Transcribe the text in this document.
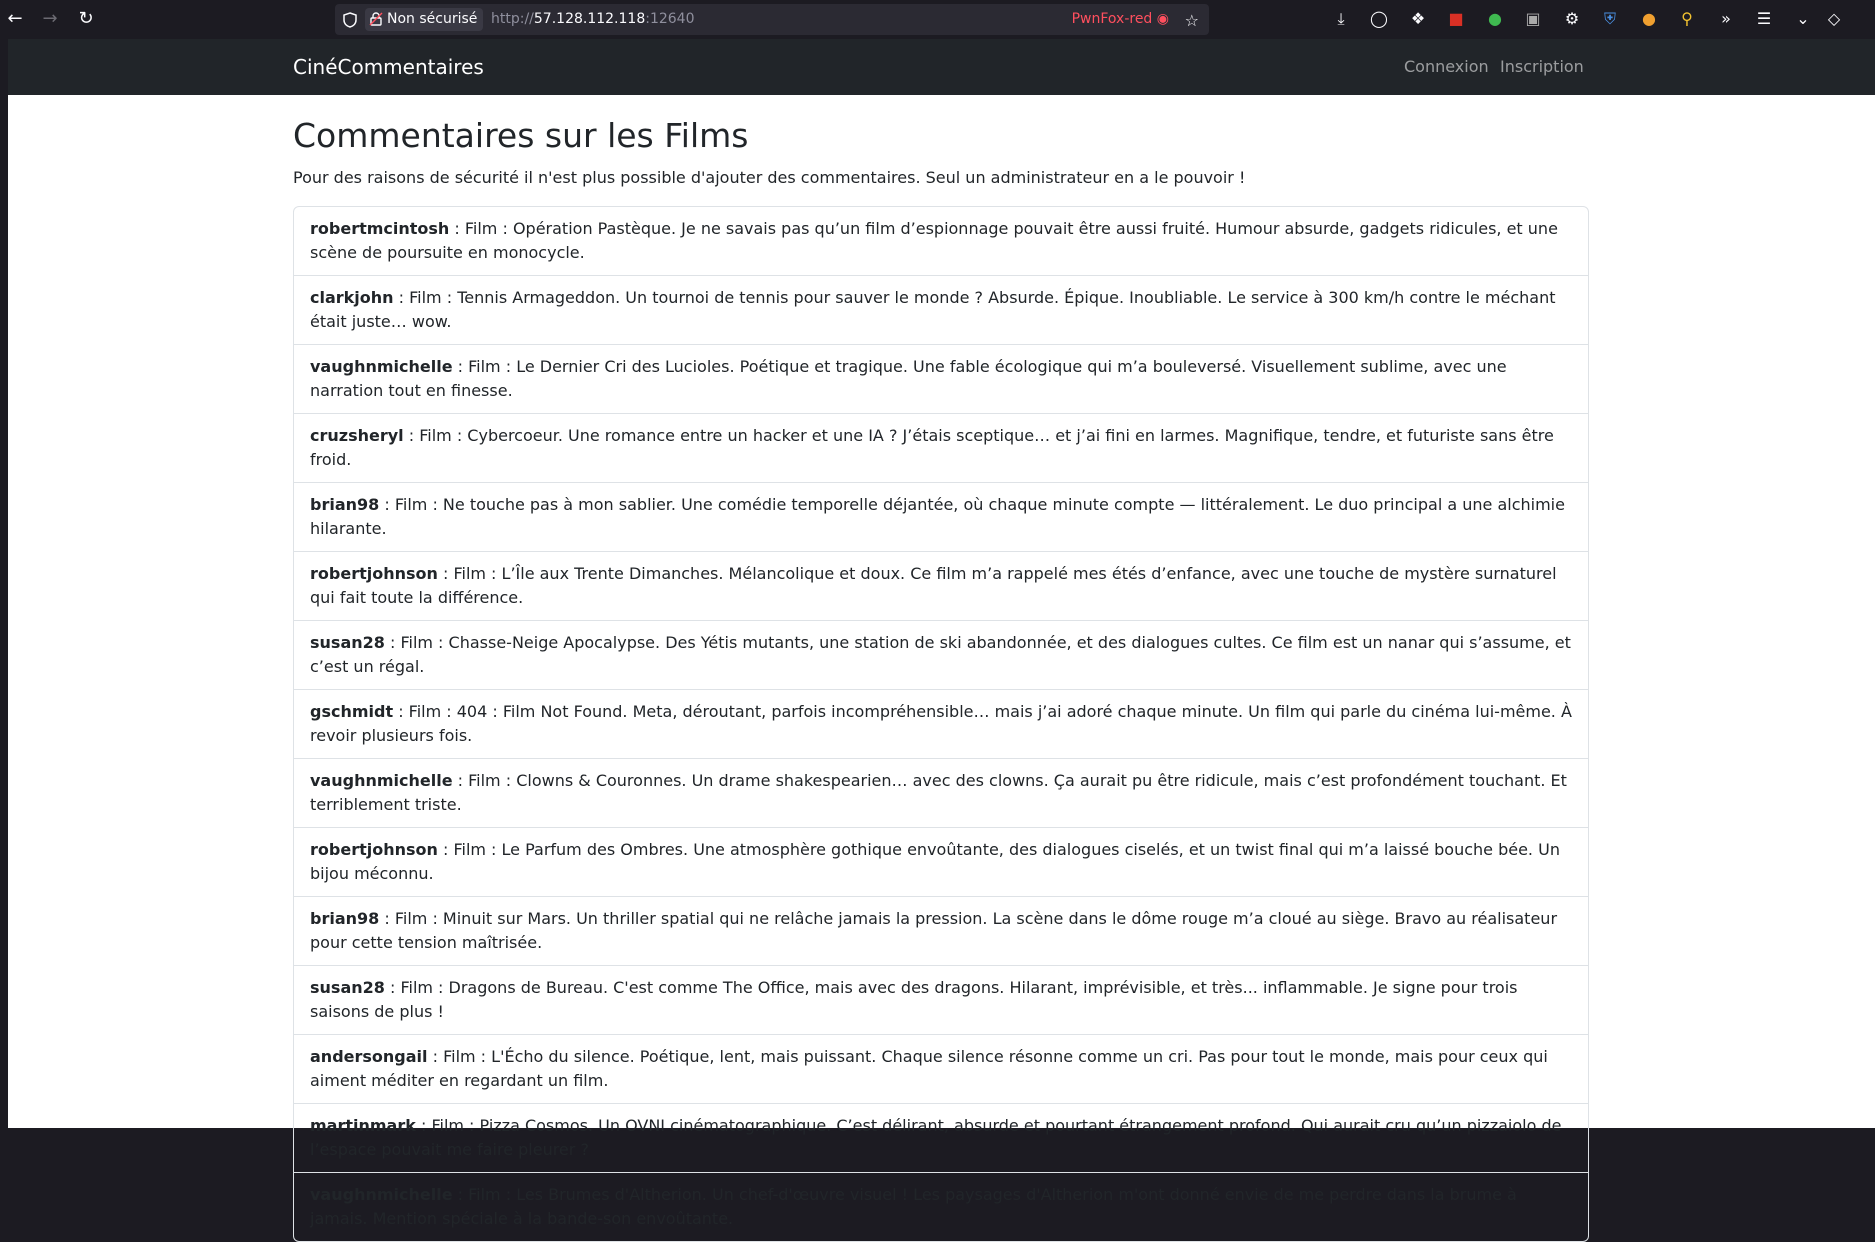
← → ↻	Non sécurisé http://57.128.112.118:12640	PwnFox-red ◉ ☆	⤓	◯ ❖ ■ ● ▣ ⚙	⛨	●	⚲	»	☰ ⌄	◇
CinéCommentaires	Connexion Inscription
Commentaires sur les Films
Pour des raisons de sécurité il n'est plus possible d'ajouter des commentaires. Seul un administrateur en a le pouvoir !
robertmcintosh : Film : Opération Pastèque. Je ne savais pas qu’un film d’espionnage pouvait être aussi fruité. Humour absurde, gadgets ridicules, et une scène de poursuite en monocycle.
clarkjohn : Film : Tennis Armageddon. Un tournoi de tennis pour sauver le monde ? Absurde. Épique. Inoubliable. Le service à 300 km/h contre le méchant était juste… wow.
vaughnmichelle : Film : Le Dernier Cri des Lucioles. Poétique et tragique. Une fable écologique qui m’a bouleversé. Visuellement sublime, avec une narration tout en finesse.
cruzsheryl : Film : Cybercoeur. Une romance entre un hacker et une IA ? J’étais sceptique… et j’ai fini en larmes. Magnifique, tendre, et futuriste sans être froid.
brian98 : Film : Ne touche pas à mon sablier. Une comédie temporelle déjantée, où chaque minute compte — littéralement. Le duo principal a une alchimie hilarante.
robertjohnson : Film : L’Île aux Trente Dimanches. Mélancolique et doux. Ce film m’a rappelé mes étés d’enfance, avec une touche de mystère surnaturel qui fait toute la différence.
susan28 : Film : Chasse-Neige Apocalypse. Des Yétis mutants, une station de ski abandonnée, et des dialogues cultes. Ce film est un nanar qui s’assume, et c’est un régal.
gschmidt : Film : 404 : Film Not Found. Meta, déroutant, parfois incompréhensible… mais j’ai adoré chaque minute. Un film qui parle du cinéma lui-même. À revoir plusieurs fois.
vaughnmichelle : Film : Clowns & Couronnes. Un drame shakespearien… avec des clowns. Ça aurait pu être ridicule, mais c’est profondément touchant. Et terriblement triste.
robertjohnson : Film : Le Parfum des Ombres. Une atmosphère gothique envoûtante, des dialogues ciselés, et un twist final qui m’a laissé bouche bée. Un bijou méconnu.
brian98 : Film : Minuit sur Mars. Un thriller spatial qui ne relâche jamais la pression. La scène dans le dôme rouge m’a cloué au siège. Bravo au réalisateur pour cette tension maîtrisée.
susan28 : Film : Dragons de Bureau. C'est comme The Office, mais avec des dragons. Hilarant, imprévisible, et très... inflammable. Je signe pour trois saisons de plus !
andersongail : Film : L'Écho du silence. Poétique, lent, mais puissant. Chaque silence résonne comme un cri. Pas pour tout le monde, mais pour ceux qui aiment méditer en regardant un film.
martinmark : Film : Pizza Cosmos. Un OVNI cinématographique. C’est délirant, absurde et pourtant étrangement profond. Qui aurait cru qu’un pizzaiolo de l’espace pouvait me faire pleurer ?
vaughnmichelle : Film : Les Brumes d'Altherion. Un chef-d'œuvre visuel ! Les paysages d'Altherion m'ont donné envie de me perdre dans la brume à jamais. Mention spéciale à la bande-son envoûtante.
